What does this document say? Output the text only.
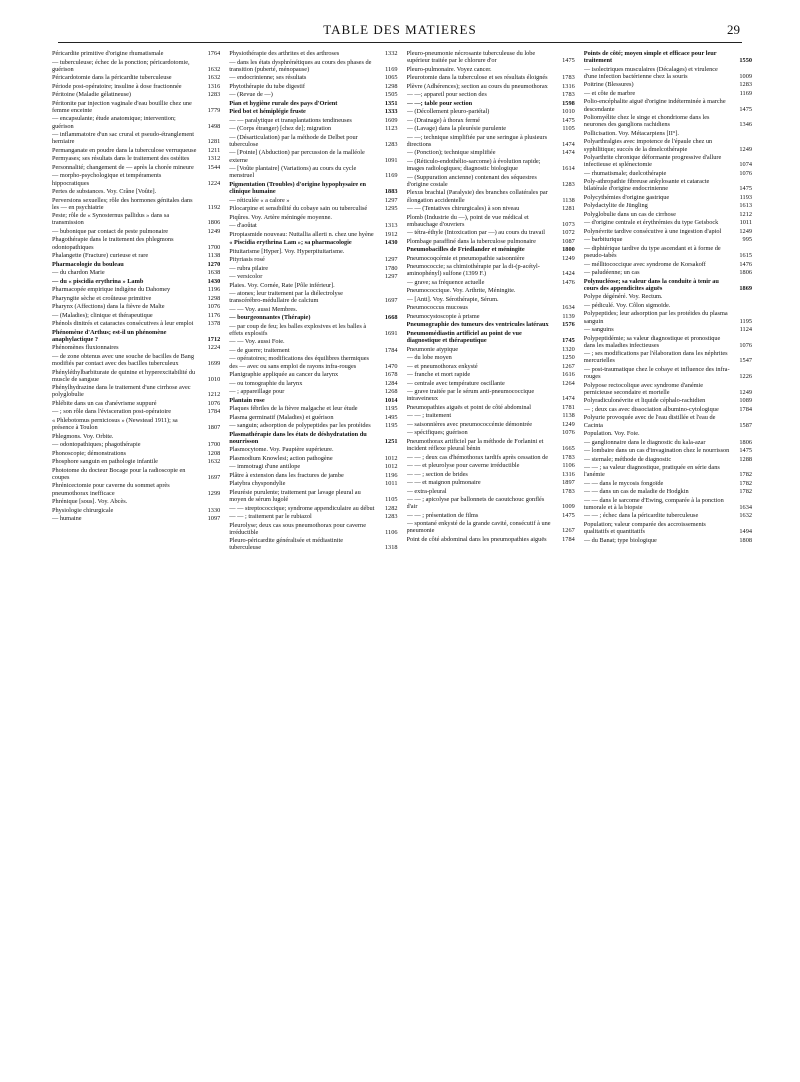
TABLE DES MATIERES	29
Péricardite primitive d'origine rhumatismale	1764
— tuberculeuse; échec de la ponction; péricardotomie, guérison	1632
Péricardotomie dans la péricardite tuberculeuse	1632
Période post-opératoire; insuline à dose fractionnée	1316
Péritoine (Maladie gélatineuse)	1283
Péritonite par injection vaginale d'eau bouillie chez une femme enceinte	1779
— encapsulante; étude anatomique; intervention; guérison	1498
— inflammatoire d'un sac crural et pseudo-étranglement herniaire	1281
Permanganate en poudre dans la tuberculose verruqueuse	1211
Permyases; ses résultats dans le traitement des ostéites	1312
Personnalité; changement de — après la chorée mineure	1544
— morpho-psychologique et tempéraments hippocratiques	1224
Pertes de substances. Voy. Crâne [Voûte].
Perversions sexuelles; rôle des hormones génitales dans les — en psychiatrie	1192
Peste; rôle de « Synosternus pallidus » dans sa transmission	1806
— bubonique par contact de peste pulmonaire	1249
Phagothérapie dans le traitement des phlegmons odontopathiques	1700
Phalangette (Fracture) curieuse et rare	1138
Pharmacologie du bouleau	1270
— du chardon Marie	1638
— du « piscidia erythrina » Lamb	1430
Pharmacopée empirique indigène du Dahomey	1196
Pharyngite sèche et croûteuse primitive	1298
Pharynx (Affections) dans la fièvre de Malte	1076
— (Maladies); clinique et thérapeutique	1176
Phénols dinitrés et cataractes consécutives à leur emploi	1378
Phénomène d'Arthus; est-il un phénomène anaphylactique ?	1712
Phénomènes fluxionnaires	1224
— de zone obtenus avec une souche de bacilles de Bang modifiés par contact avec des bacilles tuberculeux	1699
Phényléthylbarbiturate de quinine et hyperexcitabilité du muscle de sangsue	1010
Phénylhydrazine dans le traitement d'une cirrhose avec polyglobulie	1212
Phlébite dans un cas d'anévrisme suppuré	1076
— ; son rôle dans l'évisceration post-opératoire	1784
« Phlebotomus perniciosus » (Newstead 1911); sa présence à Toulon	1807
Phlegmons. Voy. Orbite.
— odontopathiques; phagothérapie	1700
Phonoscopie; démonstrations	1208
Phosphore sanguin en pathologie infantile	1632
Phototome du docteur Bocage pour la radioscopie en coupes	1697
Phrénicectomie pour caverne du sommet après pneumothorax inefficace	1299
Phrénique [sous]. Voy. Abcès.
Physiologie chirurgicale	1330
— humaine	1097
Physiothérapie des arthrites et des arthroses	1332
— dans les états dysphrénétiques au cours des phases de transition (puberté, ménopause)	1169
— endocrinienne; ses résultats	1065
Phytothérapie du tube digestif	1298
— (Revue de —)	1505
Pian et hygiène rurale des pays d'Orient	1351
Pied bot et hémiplégie fruste	1333
— — paralytique et transplantations tendineuses	1609
— (Corps étranger) [chez de]; migration	1123
— (Désarticulation) par la méthode de Delbet pour tuberculose	1283
— [Pointe] (Abduction) par percussion de la malléole externe	1091
— [Voûte plantaire] (Variations) au cours du cycle menstruel	1169
Pigmentation (Troubles) d'origine hypophysaire en clinique humaine	1883
— réticulée « a calore »	1297
Pilocarpine et sensibilité du cobaye sain ou tuberculisé	1295
Piqûres. Voy. Artère méningée moyenne.
— d'aoûtat	1313
Piropiasmide nouveau: Nuttallia allerti n. chez une hyène	1912
« Piscidia erythrina Lam »; sa pharmacologie	1430
Pituitarisme [Hyper]. Voy. Hyperpituitarisme.
Pityriasis rosé	1297
— rubra pilaire	1780
— versicolor	1297
Plaies. Voy. Cornée, Rate [Pôle inférieur].
— atones; leur traitement par la diélectrolyse transcérébro-médullaire de calcium	1697
— — Voy. aussi Membres.
— bourgeonnantes (Thérapie)	1668
— par coup de feu; les balles explosives et les balles à effets explosifs	1691
— — Voy. aussi Foie.
— de guerre; traitement	1784
— opératoires; modifications des équilibres thermiques des — avec ou sans emploi de rayons infra-rouges	1470
Planigraphie appliquée au cancer du larynx	1678
— ou tomographie du larynx	1284
— ; appareillage pour	1268
Plantain rose	1014
Plaques fébriles de la fièvre malgache et leur étude	1195
Plasma germinatif (Maladies) et guérison	1495
— sanguin; adsorption de polypeptides par les protéides	1195
Plasmathérapie dans les états de déshydratation du nourrisson	1251
Plasmocytome. Voy. Paupière supérieure.
Plasmodium Knowlesi; action pathogène	1012
— immotragi d'une antilope	1012
Plâtre à extension dans les fractures de jambe	1196
Platybra chyspondylie	1011
Pleurésie purulente; traitement par lavage pleural au moyen de sérum lugolé	1105
— — streptococcique; syndrome appendiculaire au début	1282
— — ; traitement par le rubiazol	1283
Pleurolyse; deux cas sous pneumothorax pour caverne irréductible	1106
Pleuro-péricardite généralisée et médiastinite tuberculeuse	1318
Pleuro-pneumonie nécrosante tuberculeuse du lobe supérieur traitée par le chlorure d'or	1475
Pleuro-pulmonaire. Voyez cancer.
Pleurotomie dans la tuberculose et ses résultats éloignés	1783
Plèvre (Adhérences); section au cours du pneumothorax	1316
— —; appareil pour section des	1783
— —; table pour section	1598
— (Décollement pleuro-pariétal)	1010
— (Drainage) à thorax fermé	1475
— (Lavage) dans la pleurésie purulente	1105
— —; technique simplifiée par une seringue à plusieurs directions	1474
— (Ponction); technique simplifiée	1474
— (Réticulo-endothélio-sarcome) à évolution rapide; images radiologiques; diagnostic biologique	1614
— (Suppuration ancienne) contenant des séquestres d'origine costale	1283
Plexus brachial (Paralysie) des branches collatérales par élongation accidentelle	1138
— — (Tentatives chirurgicales) à son niveau	1281
Plomb (Industrie du —), point de vue médical et embauchage d'ouvriers	1073
— tétra-éthyle (Intoxication par —) au cours du travail	1072
Plombage paraffiné dans la tuberculose pulmonaire	1087
Pneumobacilles de Friedlander et méningite	1800
Pneumocoqcémie et pneumopathie saisonnière	1249
Pneumococcie; sa chimiothérapie par la di-(p-acétyl-aminophényl) sulfone (1399 F.)	1424
— grave; sa fréquence actuelle	1476
Pneumococcique. Voy. Arthrite, Méningite.
— [Anti]. Voy. Sérothérapie, Sérum.
Pneumococcus mucosus	1634
Pneumocystoscopie à prisme	1139
Pneumographie des tumeurs des ventricules latéraux	1576
Pneumomédiastin artificiel au point de vue diagnostique et thérapeutique	1745
Pneumonie atypique	1320
— du lobe moyen	1250
— et pneumothorax enkysté	1267
— franche et mort rapide	1616
— centrale avec température oscillante	1264
— grave traitée par le sérum anti-pneumococcique intraveineux	1474
Pneumopathies aiguës et point de côté abdominal	1781
— — ; traitement	1138
— saisonnières avec pneumococcémie démontrée	1249
— spécifiques; guérison	1076
Pneumothorax artificiel par la méthode de Forlanini et incident réflexe pleural bénin	1665
— — ; deux cas d'hémothorax tardifs après cessation de	1783
— — et pleurolyse pour caverne irréductible	1106
— — ; section de brides	1316
— — et maignon pulmonaire	1897
— extra-pleural	1783
— — ; apicolyse par ballonnets de caoutchouc gonflés d'air	1009
— — ; présentation de films	1475
— spontané enkysté de la grande cavité, consécutif à une pneumonie	1267
Point de côté abdominal dans les pneumopathies aiguës	1784
Points de côté; moyen simple et efficace pour leur traitement	1550
— isolectriques musculaires (Décalages) et virulence d'une infection bactérienne chez la souris	1009
Poitrine (Blessures)	1283
— et côte de marbre	1169
Polio-encéphalite aiguë d'origine indéterminée à marche descendante	1475
Poliomyélite chez le singe et chondriome dans les neurones des ganglions rachidiens	1346
Pollicisation. Voy. Métacarpiens [II°].
Polyarthralgies avec impotence de l'épaule chez un syphilitique; succès de la dmelcothérapie	1249
Polyarthrite chronique déformante progressive d'allure infectieuse et splénectomie	1074
— rhumatismale; duelcothérapie	1076
Poly-athropathie fibreuse ankylosante et cataracte bilatérale d'origine endocrinienne	1475
Polycythémies d'origine gastrique	1193
Polydactylite de Jüngling	1613
Polyglobulie dans un cas de cirrhose	1212
— d'origine centrale et érythrémies du type Geisbock	1011
Polynévrite tardive consécutive à une ingestion d'apiol	1249
— barbiturique	995
— diphtérique tardive du type ascendant et à forme de pseudo-tabès	1615
— méllitococcique avec syndrome de Korsakoff	1476
— paludéenne; un cas	1806
Polynucléose; sa valeur dans la conduite à tenir au cours des appendicites aiguës	1869
Polype dégénéré. Voy. Rectum.
— pédiculé. Voy. Côlon sigmoïde.
Polypeptides; leur adsorption par les protéides du plasma sanguin	1195
— sanguins	1124
Polypeptidémie; sa valeur diagnostique et pronostique dans les maladies infectieuses	1076
— ; ses modifications par l'élaboration dans les néphrites mercurielles	1547
— post-traumatique chez le cobaye et influence des infra-rouges	1226
Polypose rectocolique avec syndrome d'anémie pernicieuse secondaire et mortelle	1249
Polyradiculonévrite et liquide céphalo-rachidien	1089
— ; deux cas avec dissociation albumino-cytologique	1784
Polyurie provoquée avec de l'eau distillée et l'eau de Cacinta	1587
Population. Voy. Foie.
— ganglionnaire dans le diagnostic du kala-azar	1806
— lombaire dans un cas d'invagination chez le nourrisson	1475
— sternale; méthode de diagnostic	1288
— — ; sa valeur diagnostique, pratiquée en série dans l'anémie	1782
— — dans le mycosis fongoïde	1782
— — dans un cas de maladie de Hodgkin	1782
— — dans le sarcome d'Ewing, comparée à la ponction tumorale et à la biopsie	1634
— — ; échec dans la péricardite tuberculeuse	1632
Population; valeur comparée des accroissements qualitatifs et quantitatifs	1494
— du Banat; type biologique	1808
